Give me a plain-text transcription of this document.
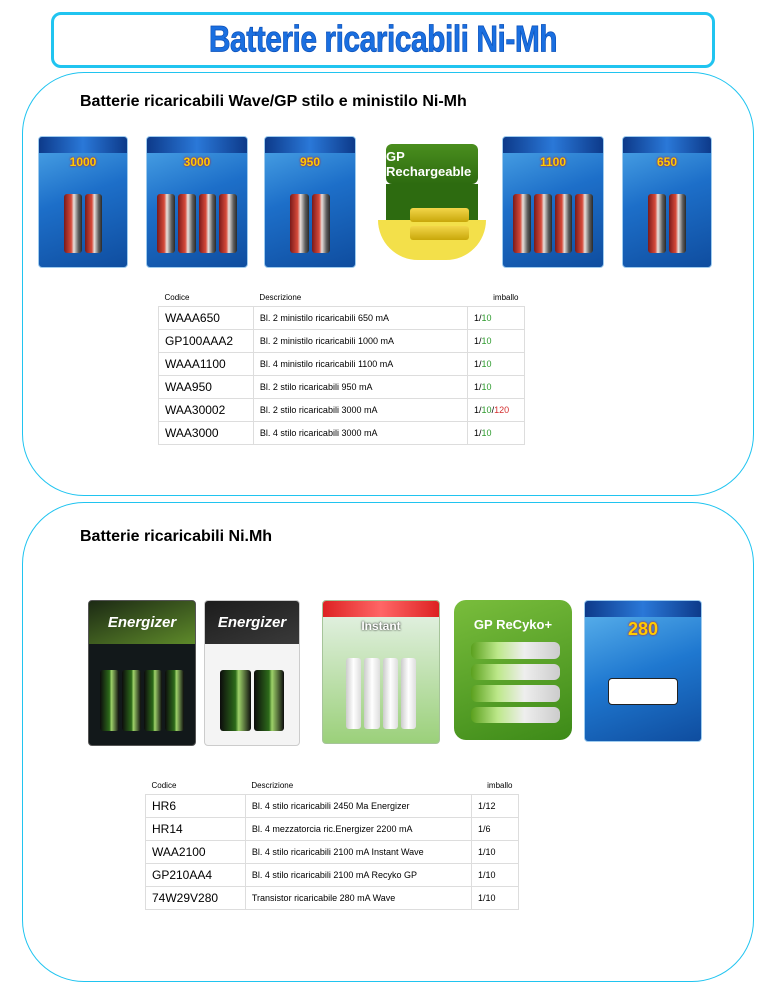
Batterie ricaricabili Ni-Mh
Batterie ricaricabili Wave/GP stilo e ministilo Ni-Mh
1000	3000	950	GP Rechargeable
1100	650
Codice	Descrizione	imballo
WAAA650	Bl. 2 ministilo ricaricabili 650 mA	1/10
GP100AAA2	Bl. 2 ministilo ricaricabili 1000 mA	1/10
WAAA1100	Bl. 4 ministilo ricaricabili 1100 mA	1/10
WAA950	Bl. 2 stilo ricaricabili 950 mA	1/10
WAA30002	Bl. 2 stilo ricaricabili 3000 mA	1/10/120
WAA3000	Bl. 4 stilo ricaricabili 3000 mA	1/10
Batterie ricaricabili Ni.Mh
Energizer	Energizer	Instant	GP ReCyko+	280
Codice	Descrizione	imballo
HR6	Bl. 4 stilo ricaricabili 2450 Ma Energizer	1/12
HR14	Bl. 4 mezzatorcia ric.Energizer 2200 mA	1/6
WAA2100	Bl. 4 stilo ricaricabili 2100 mA Instant Wave	1/10
GP210AA4	Bl. 4 stilo ricaricabili 2100 mA Recyko GP	1/10
74W29V280	Transistor ricaricabile 280 mA Wave	1/10
